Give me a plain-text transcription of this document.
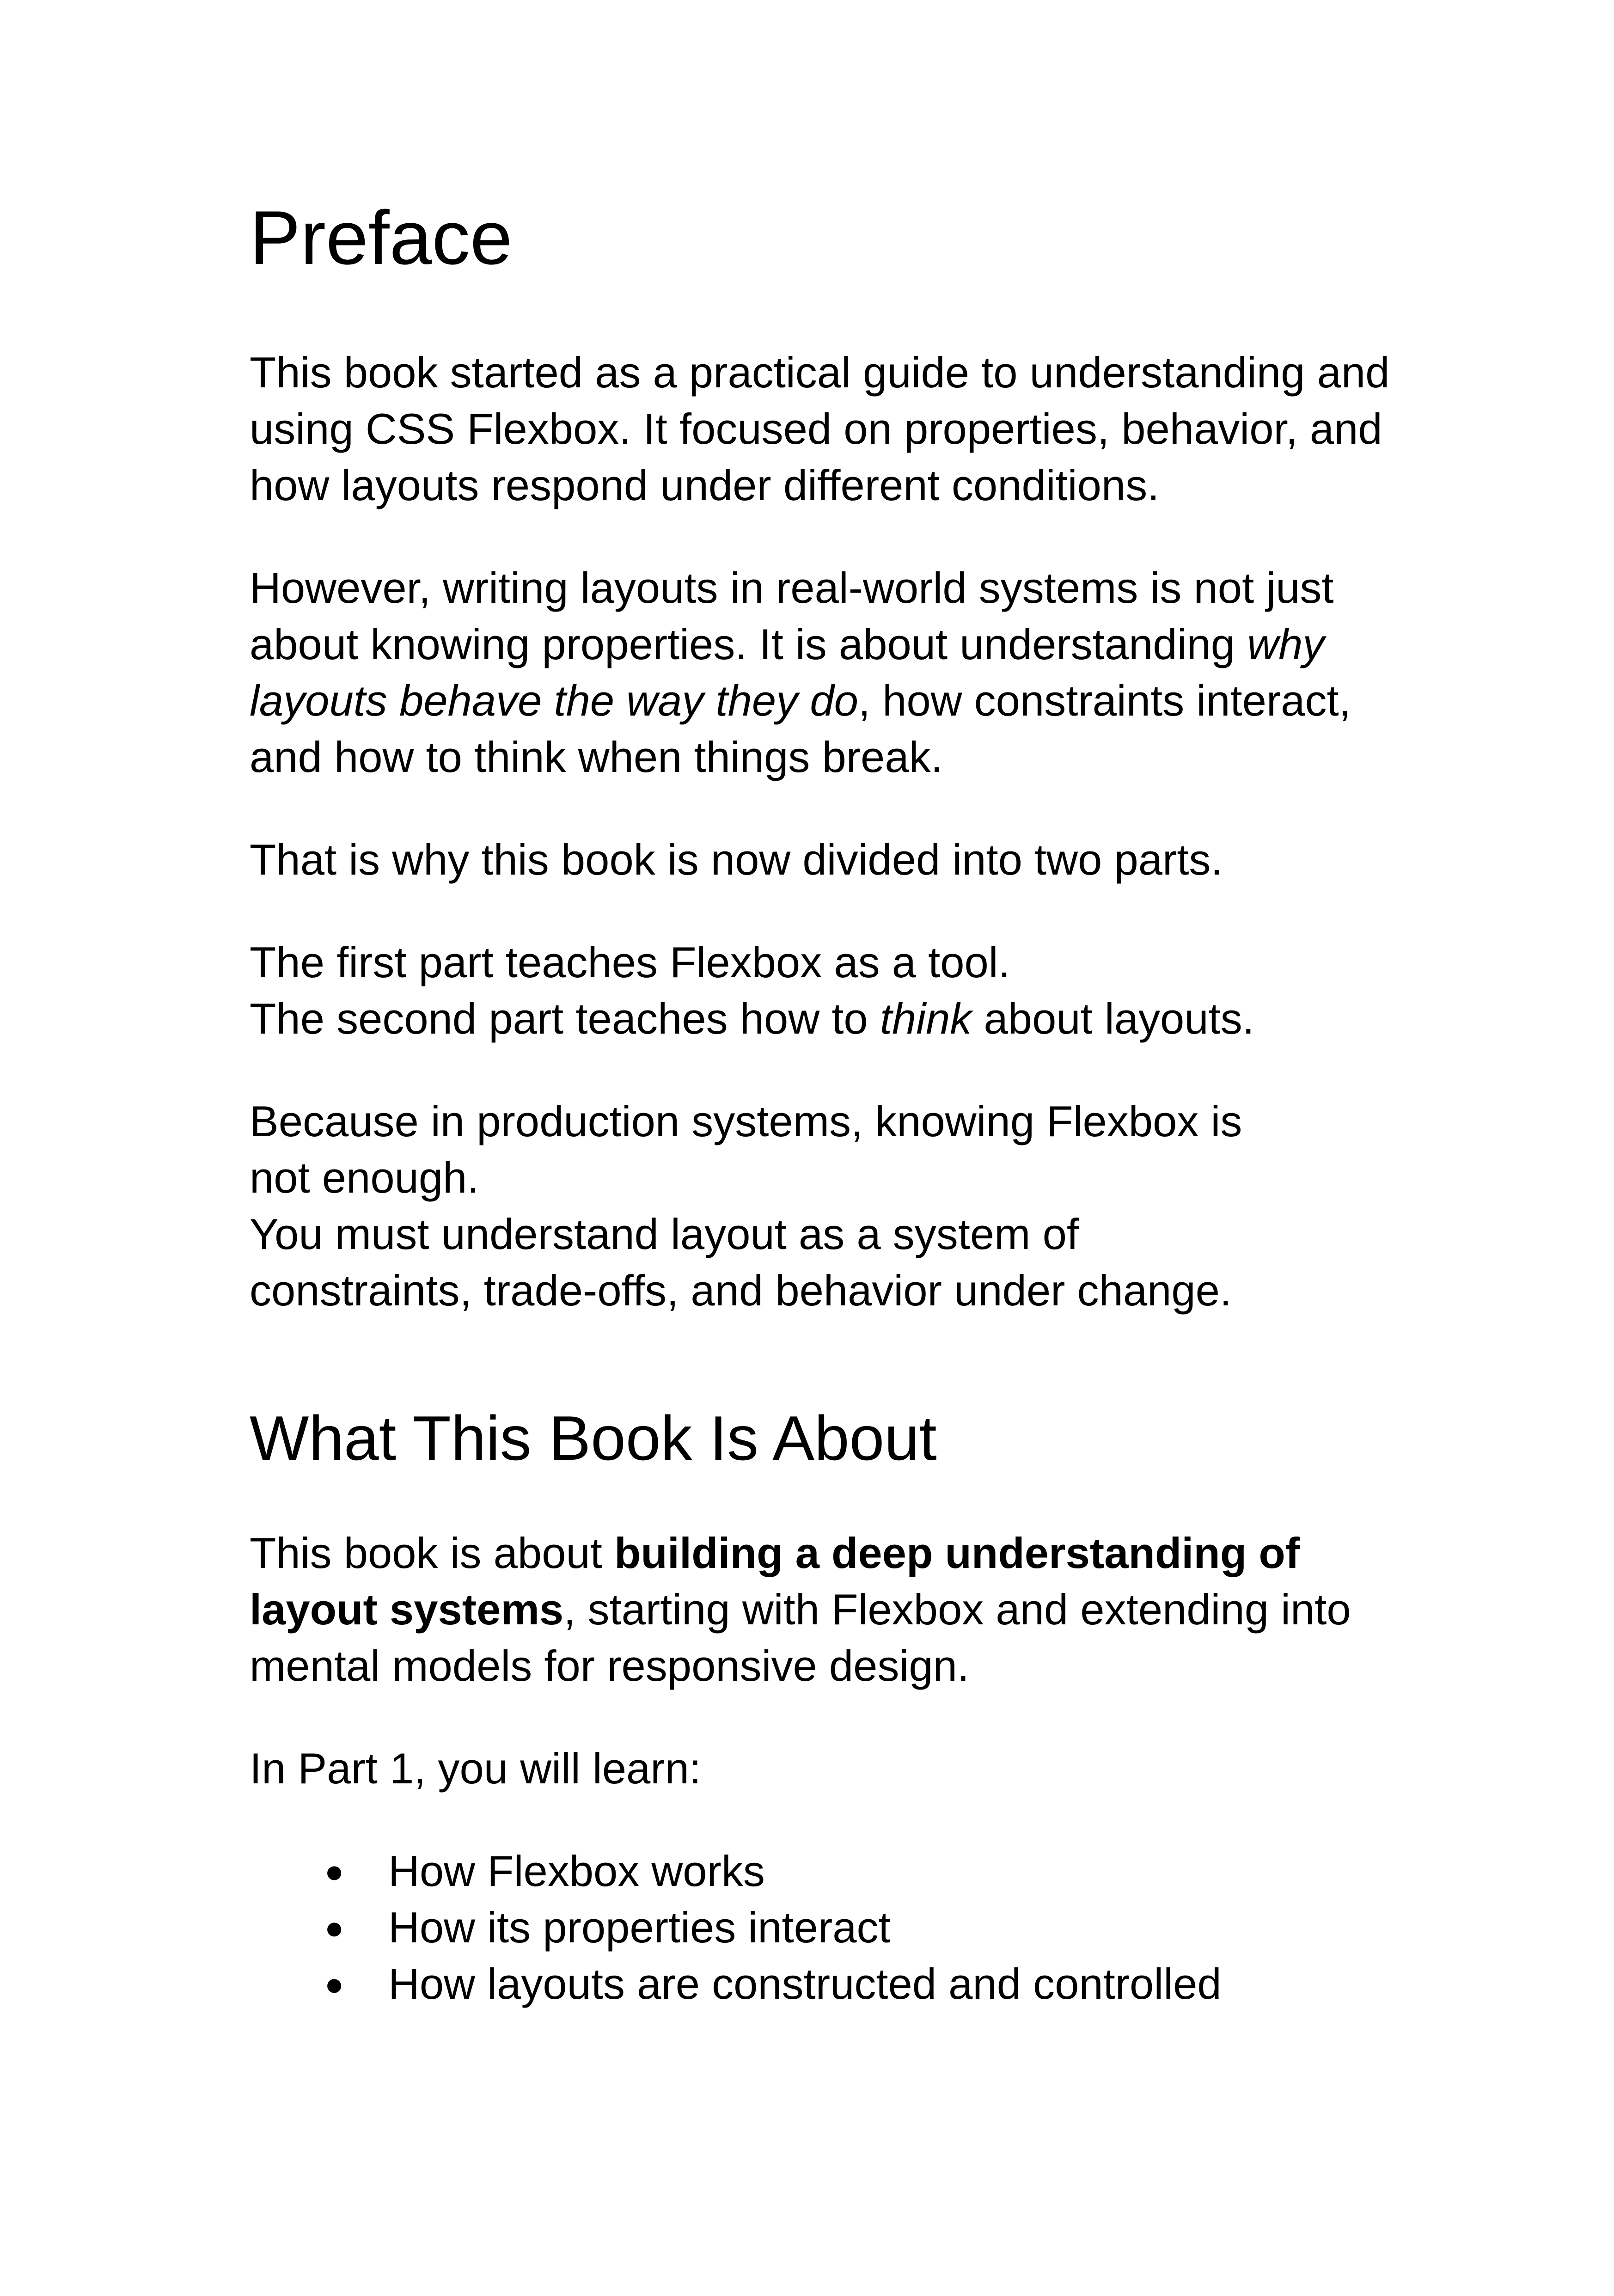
Preface

This book started as a practical guide to understanding and using CSS Flexbox. It focused on properties, behavior, and how layouts respond under different conditions.

However, writing layouts in real-world systems is not just about knowing properties. It is about understanding why layouts behave the way they do, how constraints interact, and how to think when things break.

That is why this book is now divided into two parts.

The first part teaches Flexbox as a tool.

The second part teaches how to think about layouts.

Because in production systems, knowing Flexbox is not enough.

You must understand layout as a system of constraints, trade-offs, and behavior under change.

What This Book Is About

This book is about building a deep understanding of layout systems, starting with Flexbox and extending into mental models for responsive design.

In Part 1, you will learn:

● How Flexbox works
● How its properties interact
● How layouts are constructed and controlled
